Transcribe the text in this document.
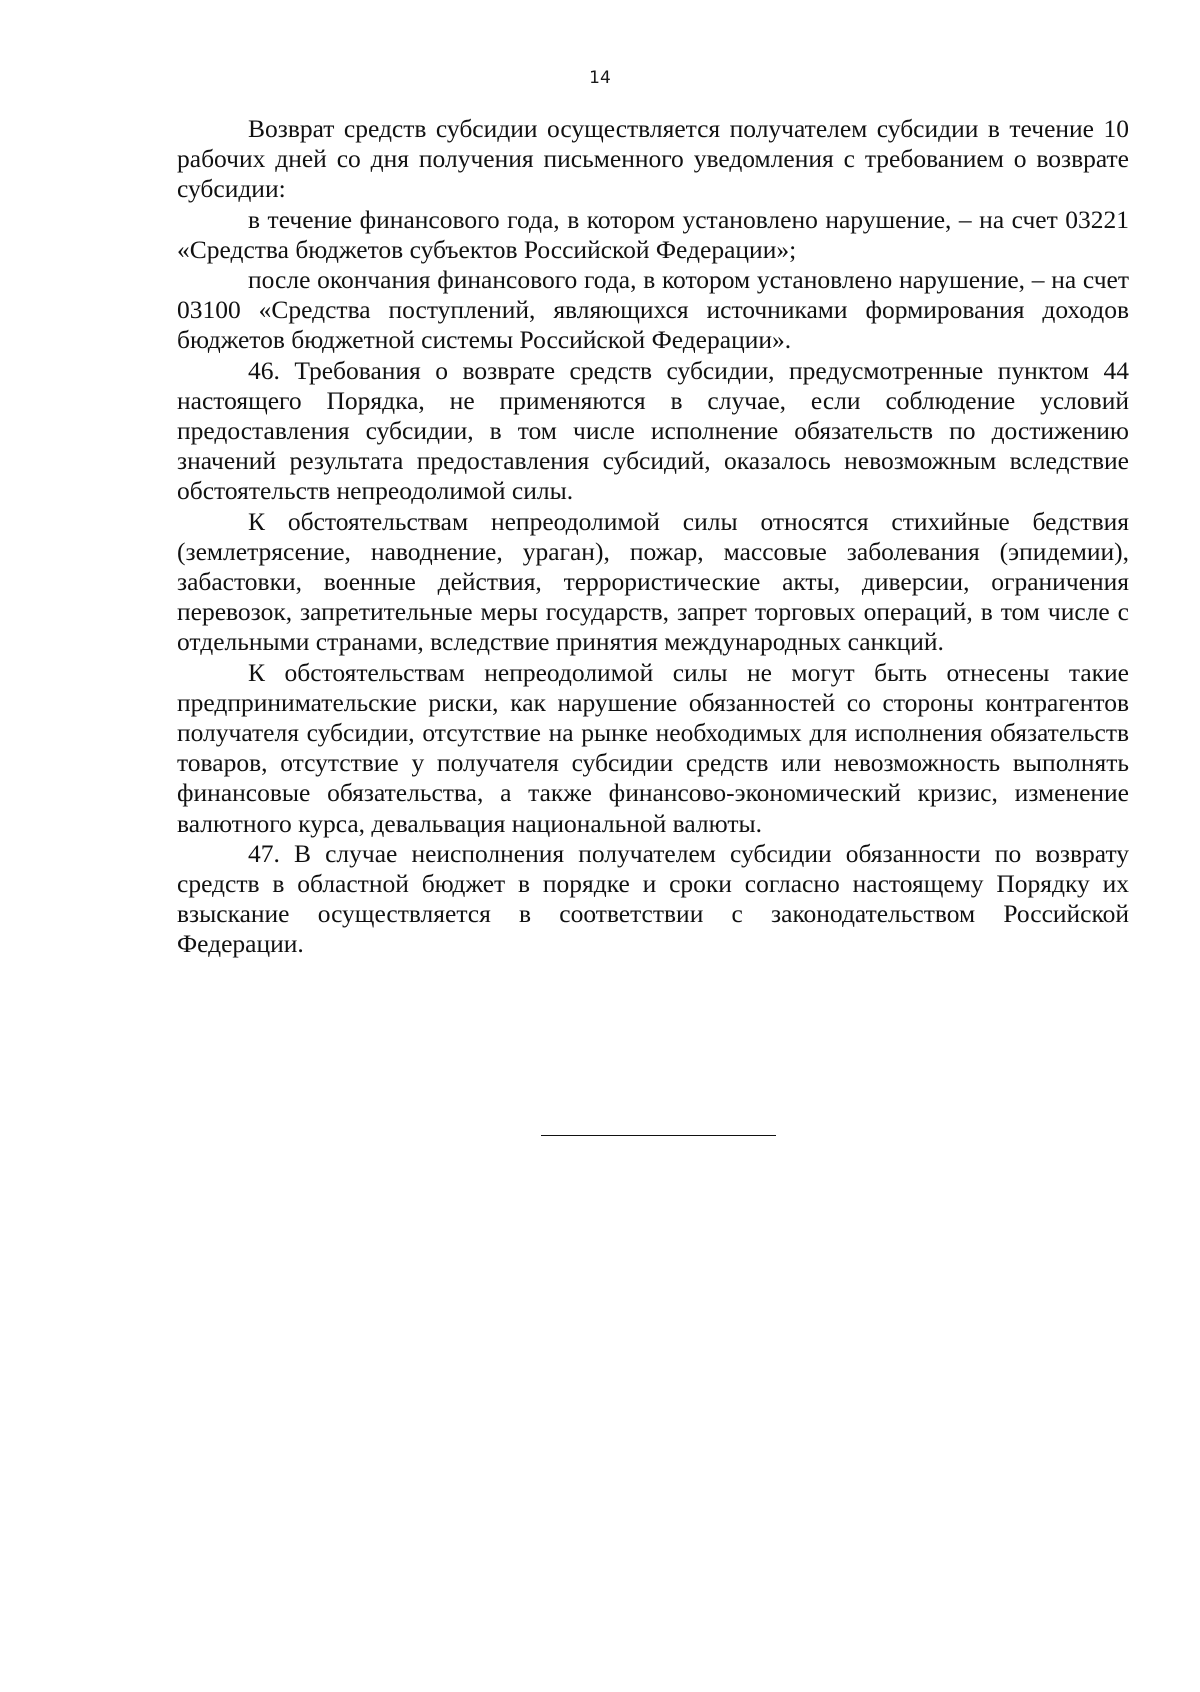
14

Возврат средств субсидии осуществляется получателем субсидии в течение 10 рабочих дней со дня получения письменного уведомления с требованием о возврате субсидии:

в течение финансового года, в котором установлено нарушение, – на счет 03221 «Средства бюджетов субъектов Российской Федерации»;

после окончания финансового года, в котором установлено нарушение, – на счет 03100 «Средства поступлений, являющихся источниками формирования доходов бюджетов бюджетной системы Российской Федерации».

46. Требования о возврате средств субсидии, предусмотренные пунктом 44 настоящего Порядка, не применяются в случае, если соблюдение условий предоставления субсидии, в том числе исполнение обязательств по достижению значений результата предоставления субсидий, оказалось невозможным вследствие обстоятельств непреодолимой силы.

К обстоятельствам непреодолимой силы относятся стихийные бедствия (землетрясение, наводнение, ураган), пожар, массовые заболевания (эпидемии), забастовки, военные действия, террористические акты, диверсии, ограничения перевозок, запретительные меры государств, запрет торговых операций, в том числе с отдельными странами, вследствие принятия международных санкций.

К обстоятельствам непреодолимой силы не могут быть отнесены такие предпринимательские риски, как нарушение обязанностей со стороны контрагентов получателя субсидии, отсутствие на рынке необходимых для исполнения обязательств товаров, отсутствие у получателя субсидии средств или невозможность выполнять финансовые обязательства, а также финансово-экономический кризис, изменение валютного курса, девальвация национальной валюты.

47. В случае неисполнения получателем субсидии обязанности по возврату средств в областной бюджет в порядке и сроки согласно настоящему Порядку их взыскание осуществляется в соответствии с законодательством Российской Федерации.
